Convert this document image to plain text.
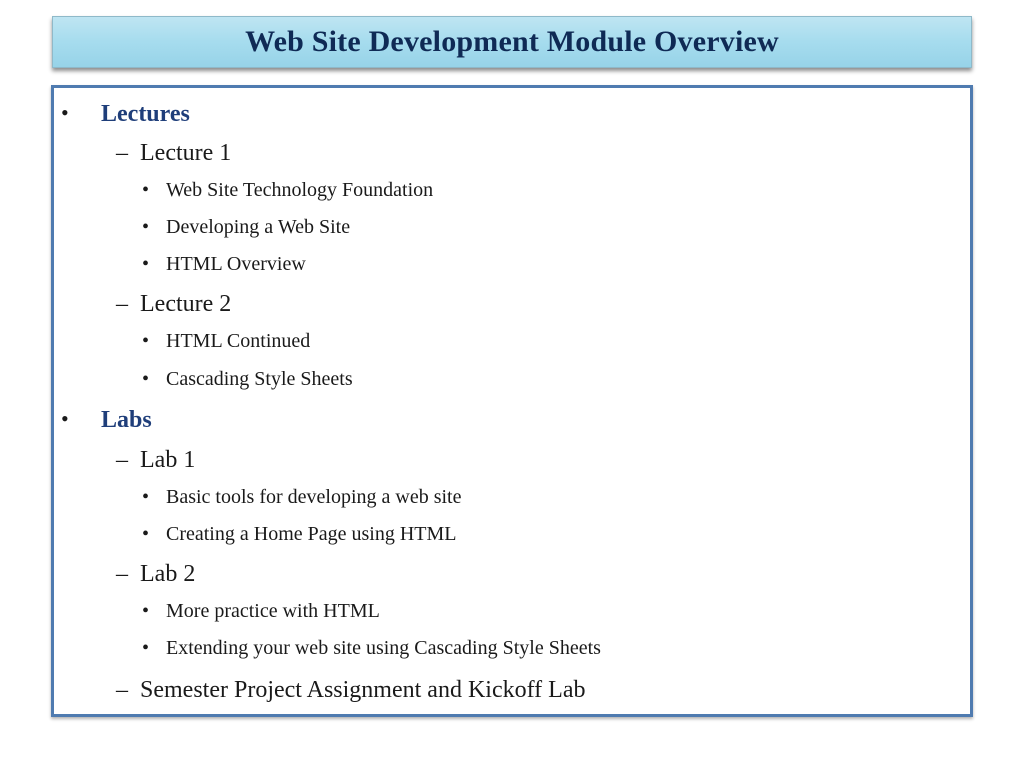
Web Site Development Module Overview
• Lectures
– Lecture 1
• Web Site Technology Foundation
• Developing a Web Site
• HTML Overview
– Lecture 2
• HTML Continued
• Cascading Style Sheets
• Labs
– Lab 1
• Basic tools for developing a web site
• Creating a Home Page using HTML
– Lab 2
• More practice with HTML
• Extending your web site using Cascading Style Sheets
– Semester Project Assignment and Kickoff Lab
